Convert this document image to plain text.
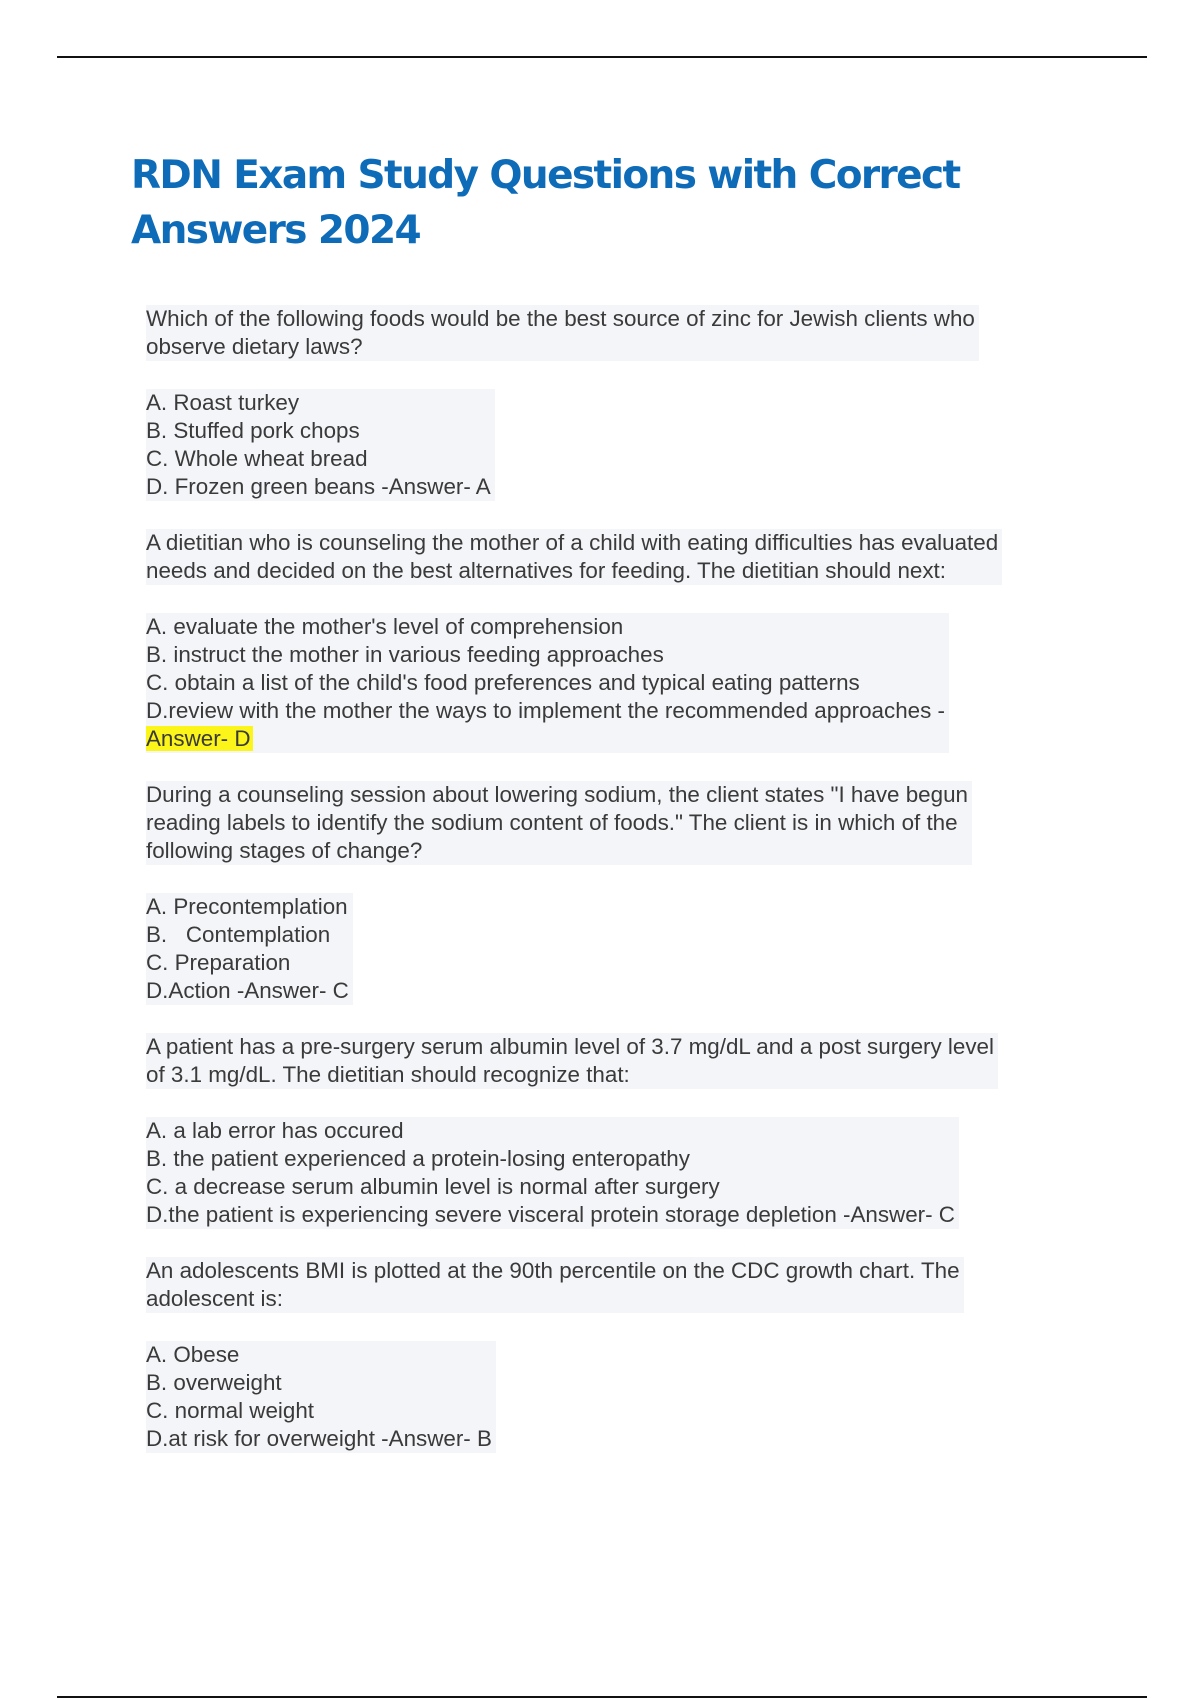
RDN Exam Study Questions with Correct
Answers 2024
Which of the following foods would be the best source of zinc for Jewish clients who
observe dietary laws?
A. Roast turkey
B. Stuffed pork chops
C. Whole wheat bread
D. Frozen green beans -Answer- A
A dietitian who is counseling the mother of a child with eating difficulties has evaluated
needs and decided on the best alternatives for feeding. The dietitian should next:
A. evaluate the mother's level of comprehension
B. instruct the mother in various feeding approaches
C. obtain a list of the child's food preferences and typical eating patterns
D.review with the mother the ways to implement the recommended approaches -
Answer- D
During a counseling session about lowering sodium, the client states "I have begun
reading labels to identify the sodium content of foods." The client is in which of the
following stages of change?
A. Precontemplation
B.   Contemplation
C. Preparation
D.Action -Answer- C
A patient has a pre-surgery serum albumin level of 3.7 mg/dL and a post surgery level
of 3.1 mg/dL. The dietitian should recognize that:
A. a lab error has occured
B. the patient experienced a protein-losing enteropathy
C. a decrease serum albumin level is normal after surgery
D.the patient is experiencing severe visceral protein storage depletion -Answer- C
An adolescents BMI is plotted at the 90th percentile on the CDC growth chart. The
adolescent is:
A. Obese
B. overweight
C. normal weight
D.at risk for overweight -Answer- B
